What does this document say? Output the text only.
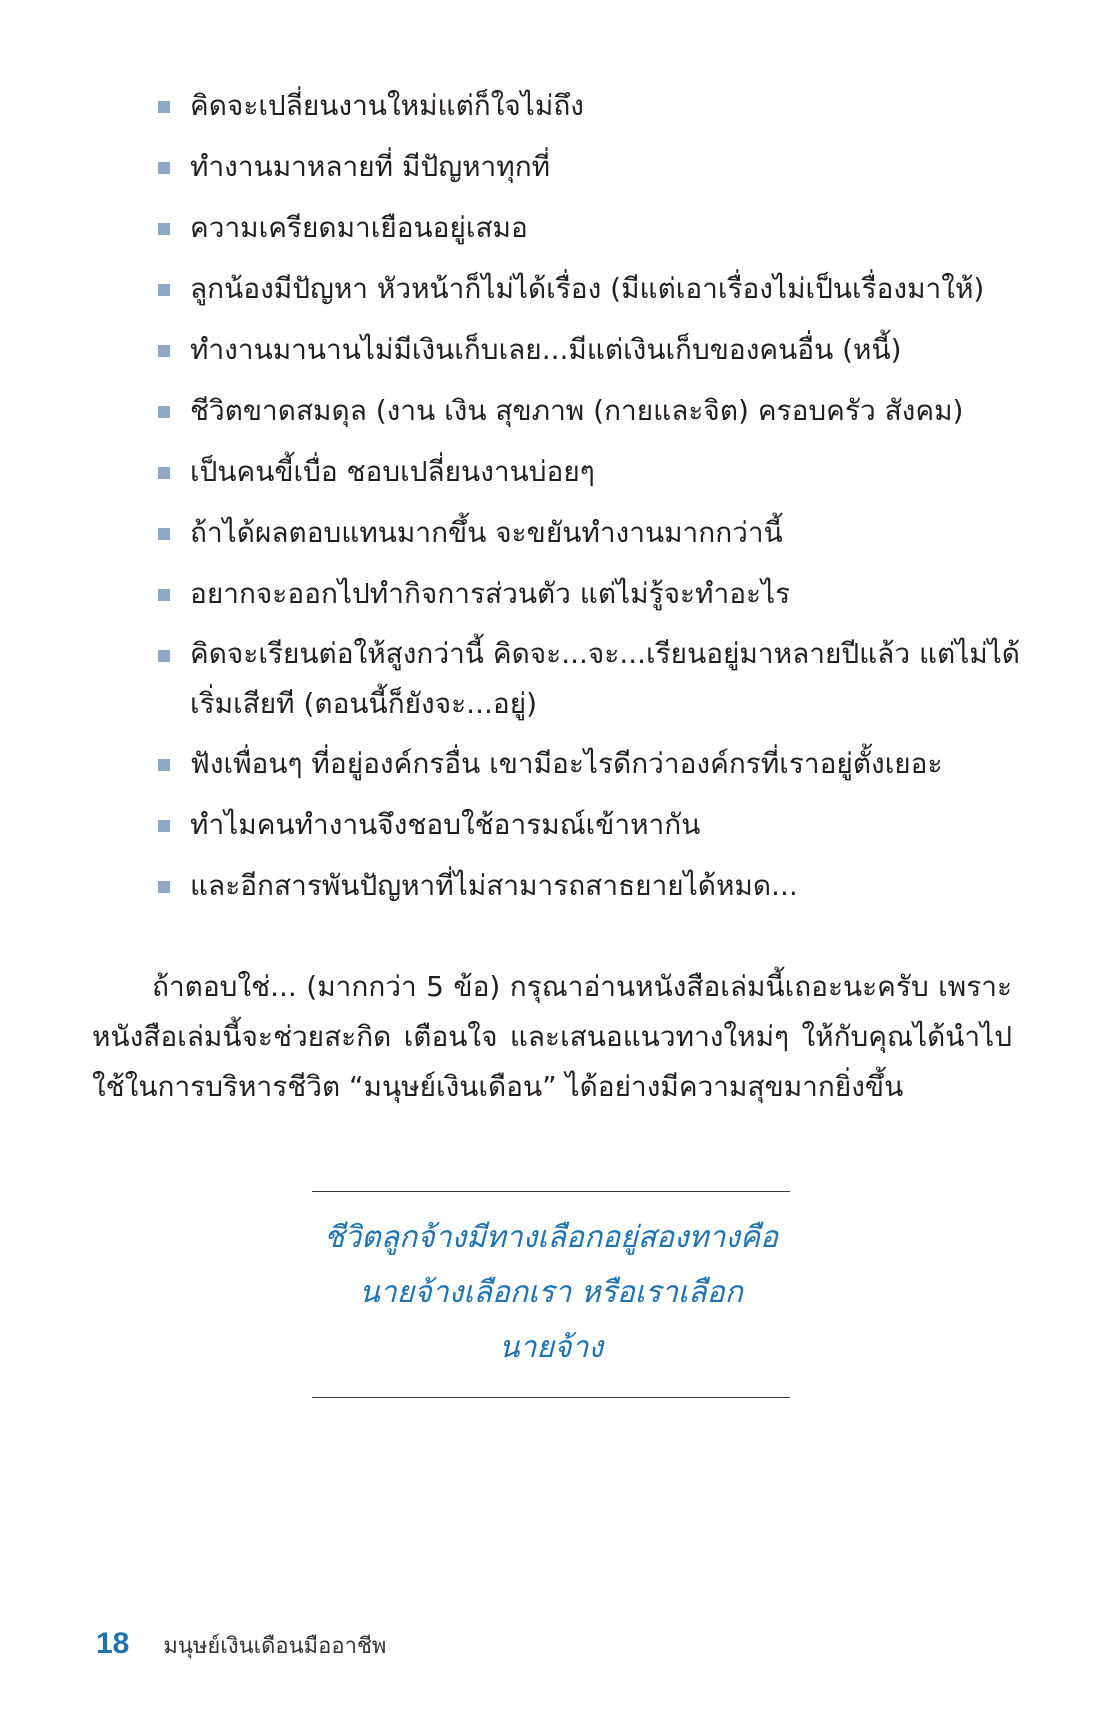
คิดจะเปลี่ยนงานใหม่แต่ก็ใจไม่ถึง
ทำงานมาหลายที่ มีปัญหาทุกที่
ความเครียดมาเยือนอยู่เสมอ
ลูกน้องมีปัญหา หัวหน้าก็ไม่ได้เรื่อง (มีแต่เอาเรื่องไม่เป็นเรื่องมาให้)
ทำงานมานานไม่มีเงินเก็บเลย...มีแต่เงินเก็บของคนอื่น (หนี้)
ชีวิตขาดสมดุล (งาน เงิน สุขภาพ (กายและจิต) ครอบครัว สังคม)
เป็นคนขี้เบื่อ ชอบเปลี่ยนงานบ่อยๆ
ถ้าได้ผลตอบแทนมากขึ้น จะขยันทำงานมากกว่านี้
อยากจะออกไปทำกิจการส่วนตัว แต่ไม่รู้จะทำอะไร
คิดจะเรียนต่อให้สูงกว่านี้ คิดจะ...จะ...เรียนอยู่มาหลายปีแล้ว แต่ไม่ได้เริ่มเสียที (ตอนนี้ก็ยังจะ...อยู่)
ฟังเพื่อนๆ ที่อยู่องค์กรอื่น เขามีอะไรดีกว่าองค์กรที่เราอยู่ตั้งเยอะ
ทำไมคนทำงานจึงชอบใช้อารมณ์เข้าหากัน
และอีกสารพันปัญหาที่ไม่สามารถสาธยายได้หมด...

ถ้าตอบใช่... (มากกว่า 5 ข้อ) กรุณาอ่านหนังสือเล่มนี้เถอะนะครับ เพราะหนังสือเล่มนี้จะช่วยสะกิด เตือนใจ และเสนอแนวทางใหม่ๆ ให้กับคุณได้นำไปใช้ในการบริหารชีวิต “มนุษย์เงินเดือน” ได้อย่างมีความสุขมากยิ่งขึ้น

ชีวิตลูกจ้างมีทางเลือกอยู่สองทางคือ
นายจ้างเลือกเรา หรือเราเลือกนายจ้าง
18 มนุษย์เงินเดือนมืออาชีพ
